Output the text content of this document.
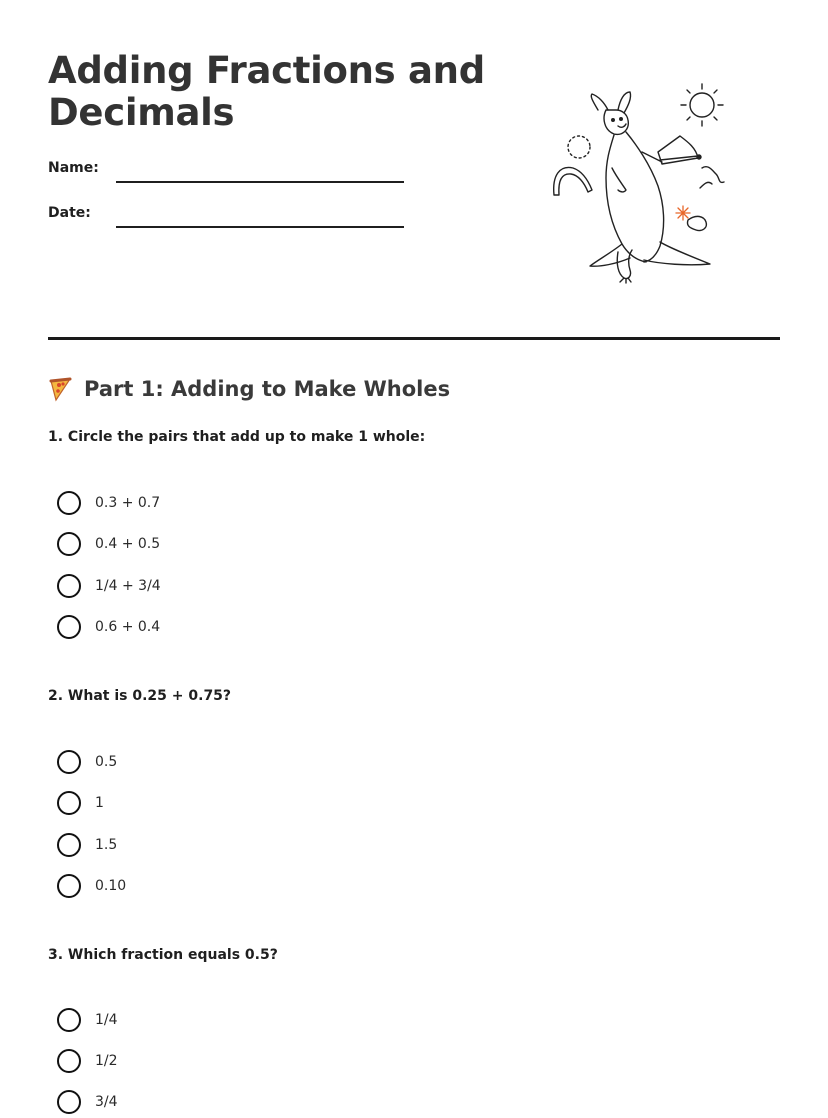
Adding Fractions and Decimals
Name:
Date:
Part 1: Adding to Make Wholes
1. Circle the pairs that add up to make 1 whole:
0.3 + 0.7
0.4 + 0.5
1/4 + 3/4
0.6 + 0.4
2. What is 0.25 + 0.75?
0.5
1
1.5
0.10
3. Which fraction equals 0.5?
1/4
1/2
3/4
